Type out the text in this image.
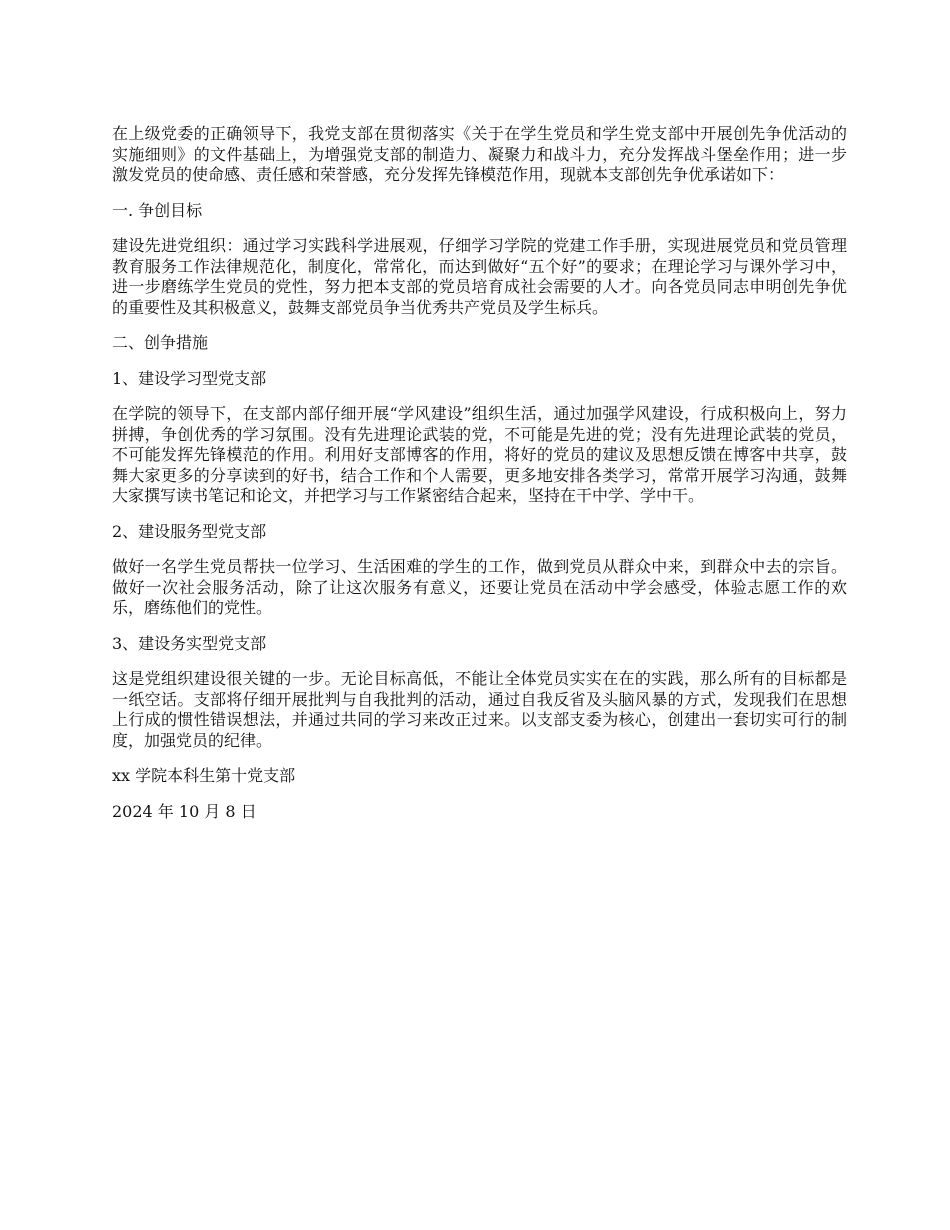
在上级党委的正确领导下，我党支部在贯彻落实《关于在学生党员和学生党支部中开展创先争优活动的实施细则》的文件基础上，为增强党支部的制造力、凝聚力和战斗力，充分发挥战斗堡垒作用；进一步激发党员的使命感、责任感和荣誉感，充分发挥先锋模范作用，现就本支部创先争优承诺如下：

一. 争创目标

建设先进党组织：通过学习实践科学进展观，仔细学习学院的党建工作手册，实现进展党员和党员管理教育服务工作法律规范化，制度化，常常化，而达到做好“五个好”的要求；在理论学习与课外学习中，进一步磨练学生党员的党性，努力把本支部的党员培育成社会需要的人才。向各党员同志申明创先争优的重要性及其积极意义，鼓舞支部党员争当优秀共产党员及学生标兵。

二、创争措施

1、建设学习型党支部

在学院的领导下，在支部内部仔细开展“学风建设”组织生活，通过加强学风建设，行成积极向上，努力拼搏，争创优秀的学习氛围。没有先进理论武装的党，不可能是先进的党；没有先进理论武装的党员，不可能发挥先锋模范的作用。利用好支部博客的作用，将好的党员的建议及思想反馈在博客中共享，鼓舞大家更多的分享读到的好书，结合工作和个人需要，更多地安排各类学习，常常开展学习沟通，鼓舞大家撰写读书笔记和论文，并把学习与工作紧密结合起来，坚持在干中学、学中干。

2、建设服务型党支部

做好一名学生党员帮扶一位学习、生活困难的学生的工作，做到党员从群众中来，到群众中去的宗旨。做好一次社会服务活动，除了让这次服务有意义，还要让党员在活动中学会感受，体验志愿工作的欢乐，磨练他们的党性。

3、建设务实型党支部

这是党组织建设很关键的一步。无论目标高低，不能让全体党员实实在在的实践，那么所有的目标都是一纸空话。支部将仔细开展批判与自我批判的活动，通过自我反省及头脑风暴的方式，发现我们在思想上行成的惯性错误想法，并通过共同的学习来改正过来。以支部支委为核心，创建出一套切实可行的制度，加强党员的纪律。

xx 学院本科生第十党支部

2024 年 10 月 8 日
